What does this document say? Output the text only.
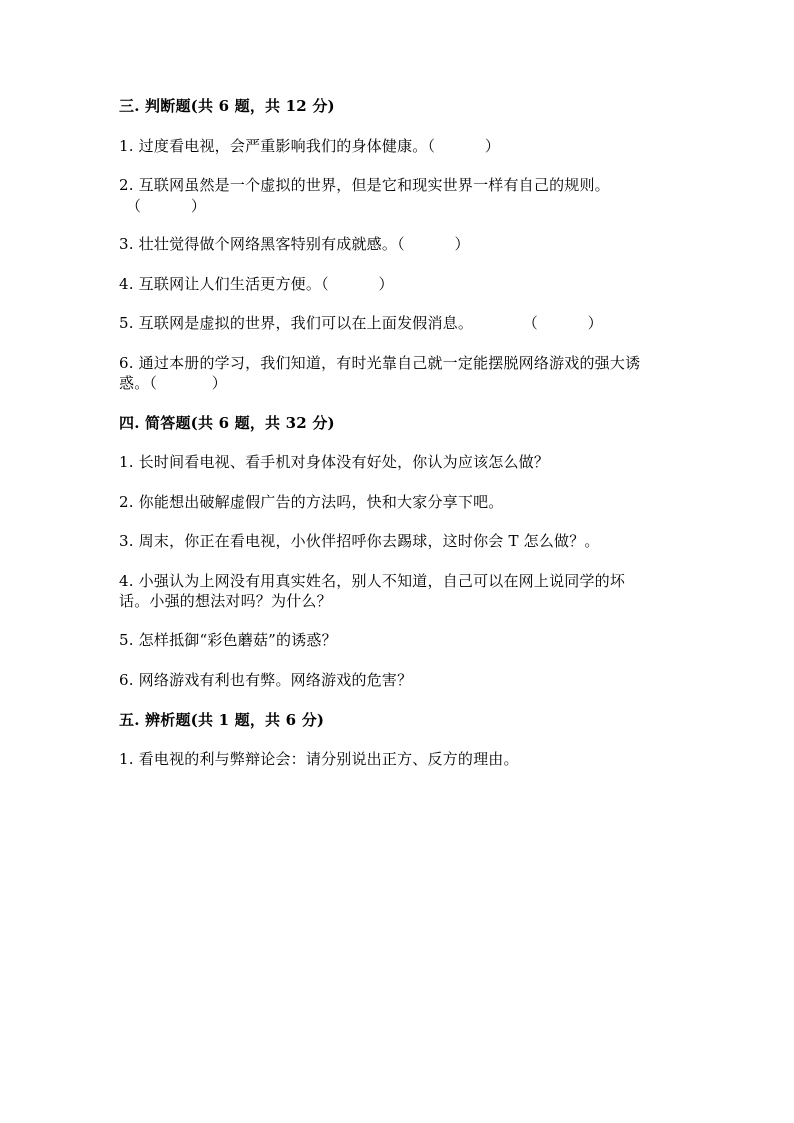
三. 判断题(共 6 题，共 12 分)
1. 过度看电视，会严重影响我们的身体健康。（          ）
2. 互联网虽然是一个虚拟的世界，但是它和现实世界一样有自己的规则。
（          ）
3. 壮壮觉得做个网络黑客特别有成就感。（          ）
4. 互联网让人们生活更方便。（          ）
5. 互联网是虚拟的世界，我们可以在上面发假消息。          （          ）
6. 通过本册的学习，我们知道，有时光靠自己就一定能摆脱网络游戏的强大诱
惑。（           ）
四. 简答题(共 6 题，共 32 分)
1. 长时间看电视、看手机对身体没有好处，你认为应该怎么做？
2. 你能想出破解虚假广告的方法吗，快和大家分享下吧。
3. 周末，你正在看电视，小伙伴招呼你去踢球，这时你会 T 怎么做？。
4. 小强认为上网没有用真实姓名，别人不知道，自己可以在网上说同学的坏
话。小强的想法对吗？为什么？
5. 怎样抵御“彩色蘑菇”的诱惑？
6. 网络游戏有利也有弊。网络游戏的危害？
五. 辨析题(共 1 题，共 6 分)
1. 看电视的利与弊辩论会：请分别说出正方、反方的理由。
